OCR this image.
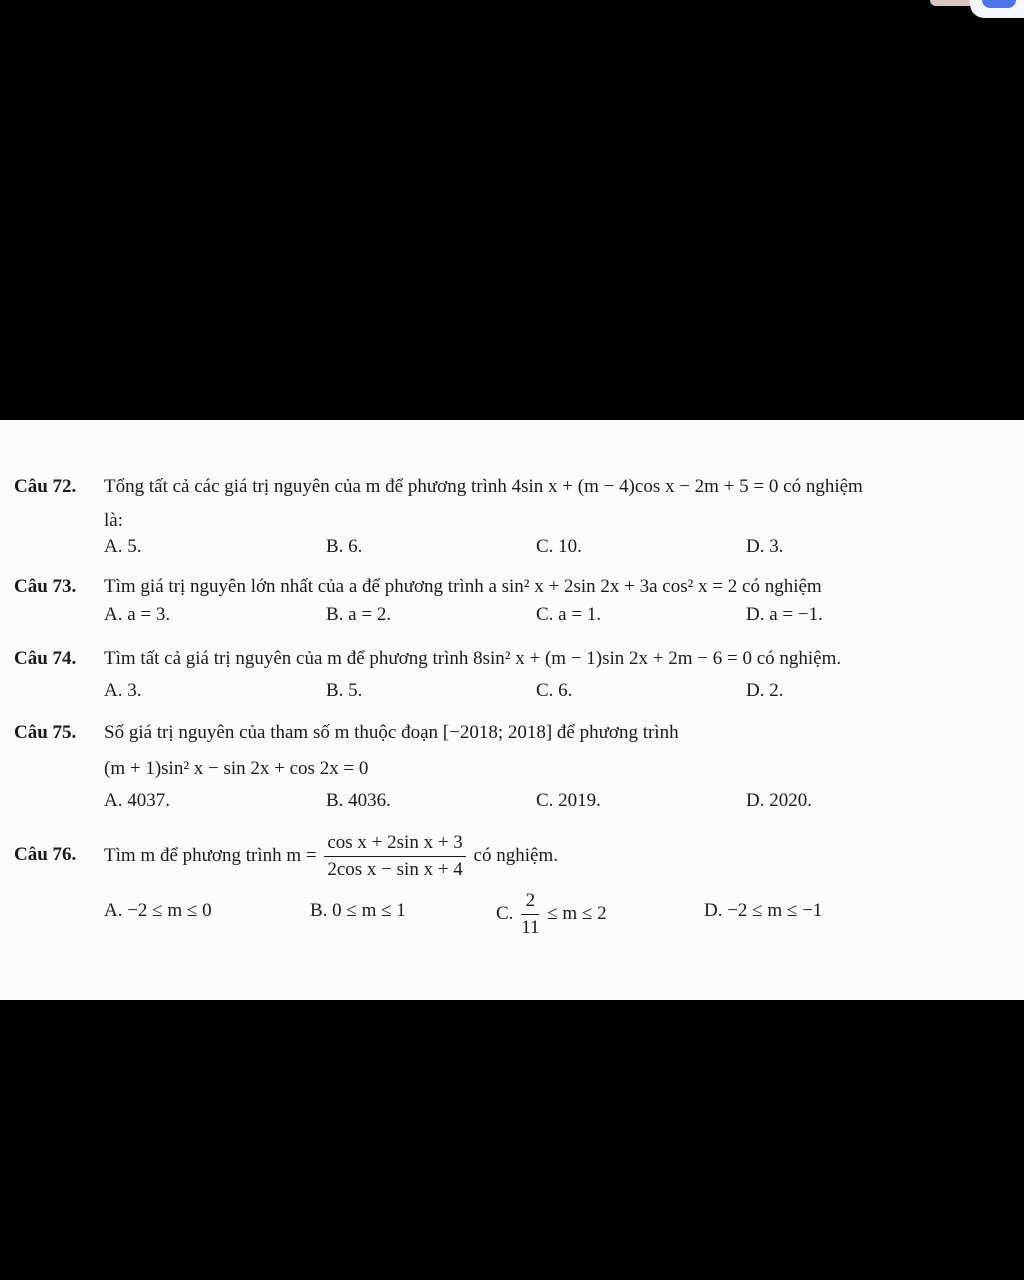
Câu 72. Tổng tất cả các giá trị nguyên của m để phương trình 4sin x + (m − 4)cos x − 2m + 5 = 0 có nghiệm
là:
A. 5.	B. 6.	C. 10.	D. 3.
Câu 73. Tìm giá trị nguyên lớn nhất của a để phương trình a sin² x + 2sin 2x + 3a cos² x = 2 có nghiệm
A. a = 3.	B. a = 2.	C. a = 1.	D. a = −1.
Câu 74. Tìm tất cả giá trị nguyên của m để phương trình 8sin² x + (m − 1)sin 2x + 2m − 6 = 0 có nghiệm.
A. 3.	B. 5.	C. 6.	D. 2.
Câu 75. Số giá trị nguyên của tham số m thuộc đoạn [−2018; 2018] để phương trình
(m + 1)sin² x − sin 2x + cos 2x = 0
A. 4037.	B. 4036.	C. 2019.	D. 2020.
Câu 76. Tìm m để phương trình $m = \frac{\text{cos x + 2sin x + 3}}{\text{2cos x − sin x + 4}}$ có nghiệm.
A. −2 ≤ m ≤ 0	B. 0 ≤ m ≤ 1	C. $\frac{2}{11} \le m \le 2$	D. −2 ≤ m ≤ −1
